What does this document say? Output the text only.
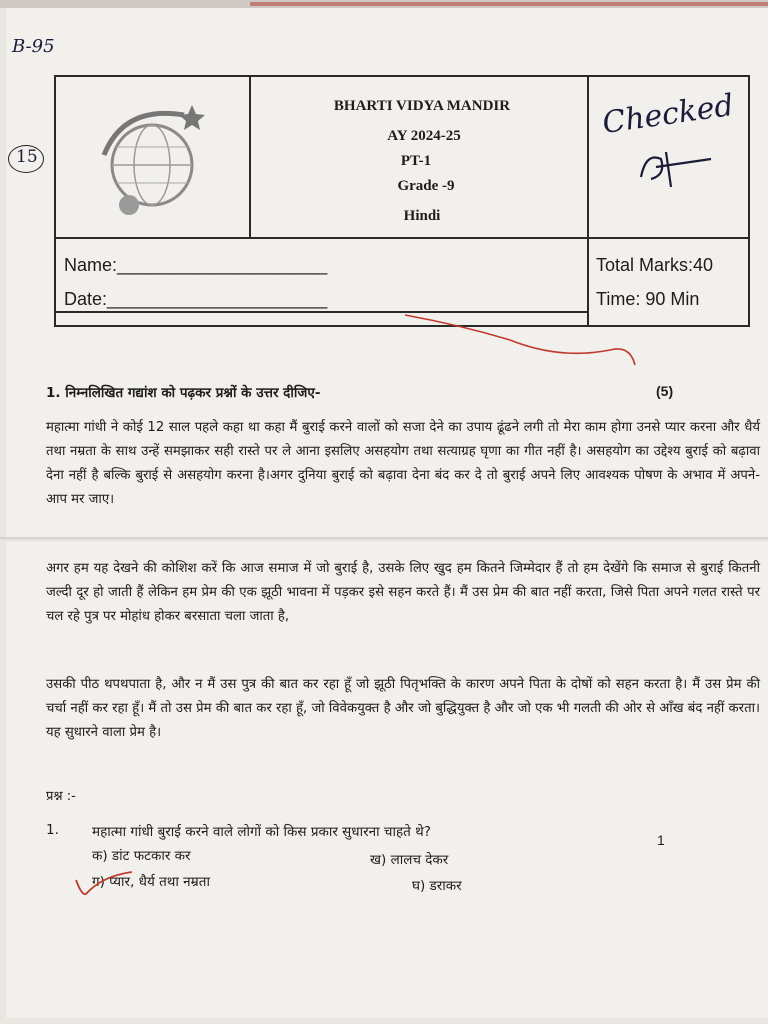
B-95
15
BHARTI VIDYA MANDIR
AY 2024-25
PT-1
Grade -9
Hindi
Name:_____________________
Date:______________________
Total Marks:40
Time: 90 Min
Checked
1. निम्नलिखित गद्यांश को पढ़कर प्रश्नों के उत्तर दीजिए-	(5)
महात्मा गांधी ने कोई 12 साल पहले कहा था कहा मैं बुराई करने वालों को सजा देने का उपाय ढूंढने लगी तो मेरा काम होगा उनसे प्यार करना और धैर्य तथा नम्रता के साथ उन्हें समझाकर सही रास्ते पर ले आना इसलिए असहयोग तथा सत्याग्रह घृणा का गीत नहीं है। असहयोग का उद्देश्य बुराई को बढ़ावा देना नहीं है बल्कि बुराई से असहयोग करना है।अगर दुनिया बुराई को बढ़ावा देना बंद कर दे तो बुराई अपने लिए आवश्यक पोषण के अभाव में अपने-आप मर जाए।
अगर हम यह देखने की कोशिश करें कि आज समाज में जो बुराई है, उसके लिए खुद हम कितने जिम्मेदार हैं तो हम देखेंगे कि समाज से बुराई कितनी जल्दी दूर हो जाती हैं लेकिन हम प्रेम की एक झूठी भावना में पड़कर इसे सहन करते हैं। मैं उस प्रेम की बात नहीं करता, जिसे पिता अपने गलत रास्ते पर चल रहे पुत्र पर मोहांध होकर बरसाता चला जाता है,
उसकी पीठ थपथपाता है, और न मैं उस पुत्र की बात कर रहा हूँ जो झूठी पितृभक्ति के कारण अपने पिता के दोषों को सहन करता है। मैं उस प्रेम की चर्चा नहीं कर रहा हूँ। मैं तो उस प्रेम की बात कर रहा हूँ, जो विवेकयुक्त है और जो बुद्धियुक्त है और जो एक भी गलती की ओर से आँख बंद नहीं करता। यह सुधारने वाला प्रेम है।
प्रश्न :-
1. महात्मा गांधी बुराई करने वाले लोगों को किस प्रकार सुधारना चाहते थे?	1
क) डांट फटकार कर	ख) लालच देकर
ग) प्यार, धैर्य तथा नम्रता	घ) डराकर
